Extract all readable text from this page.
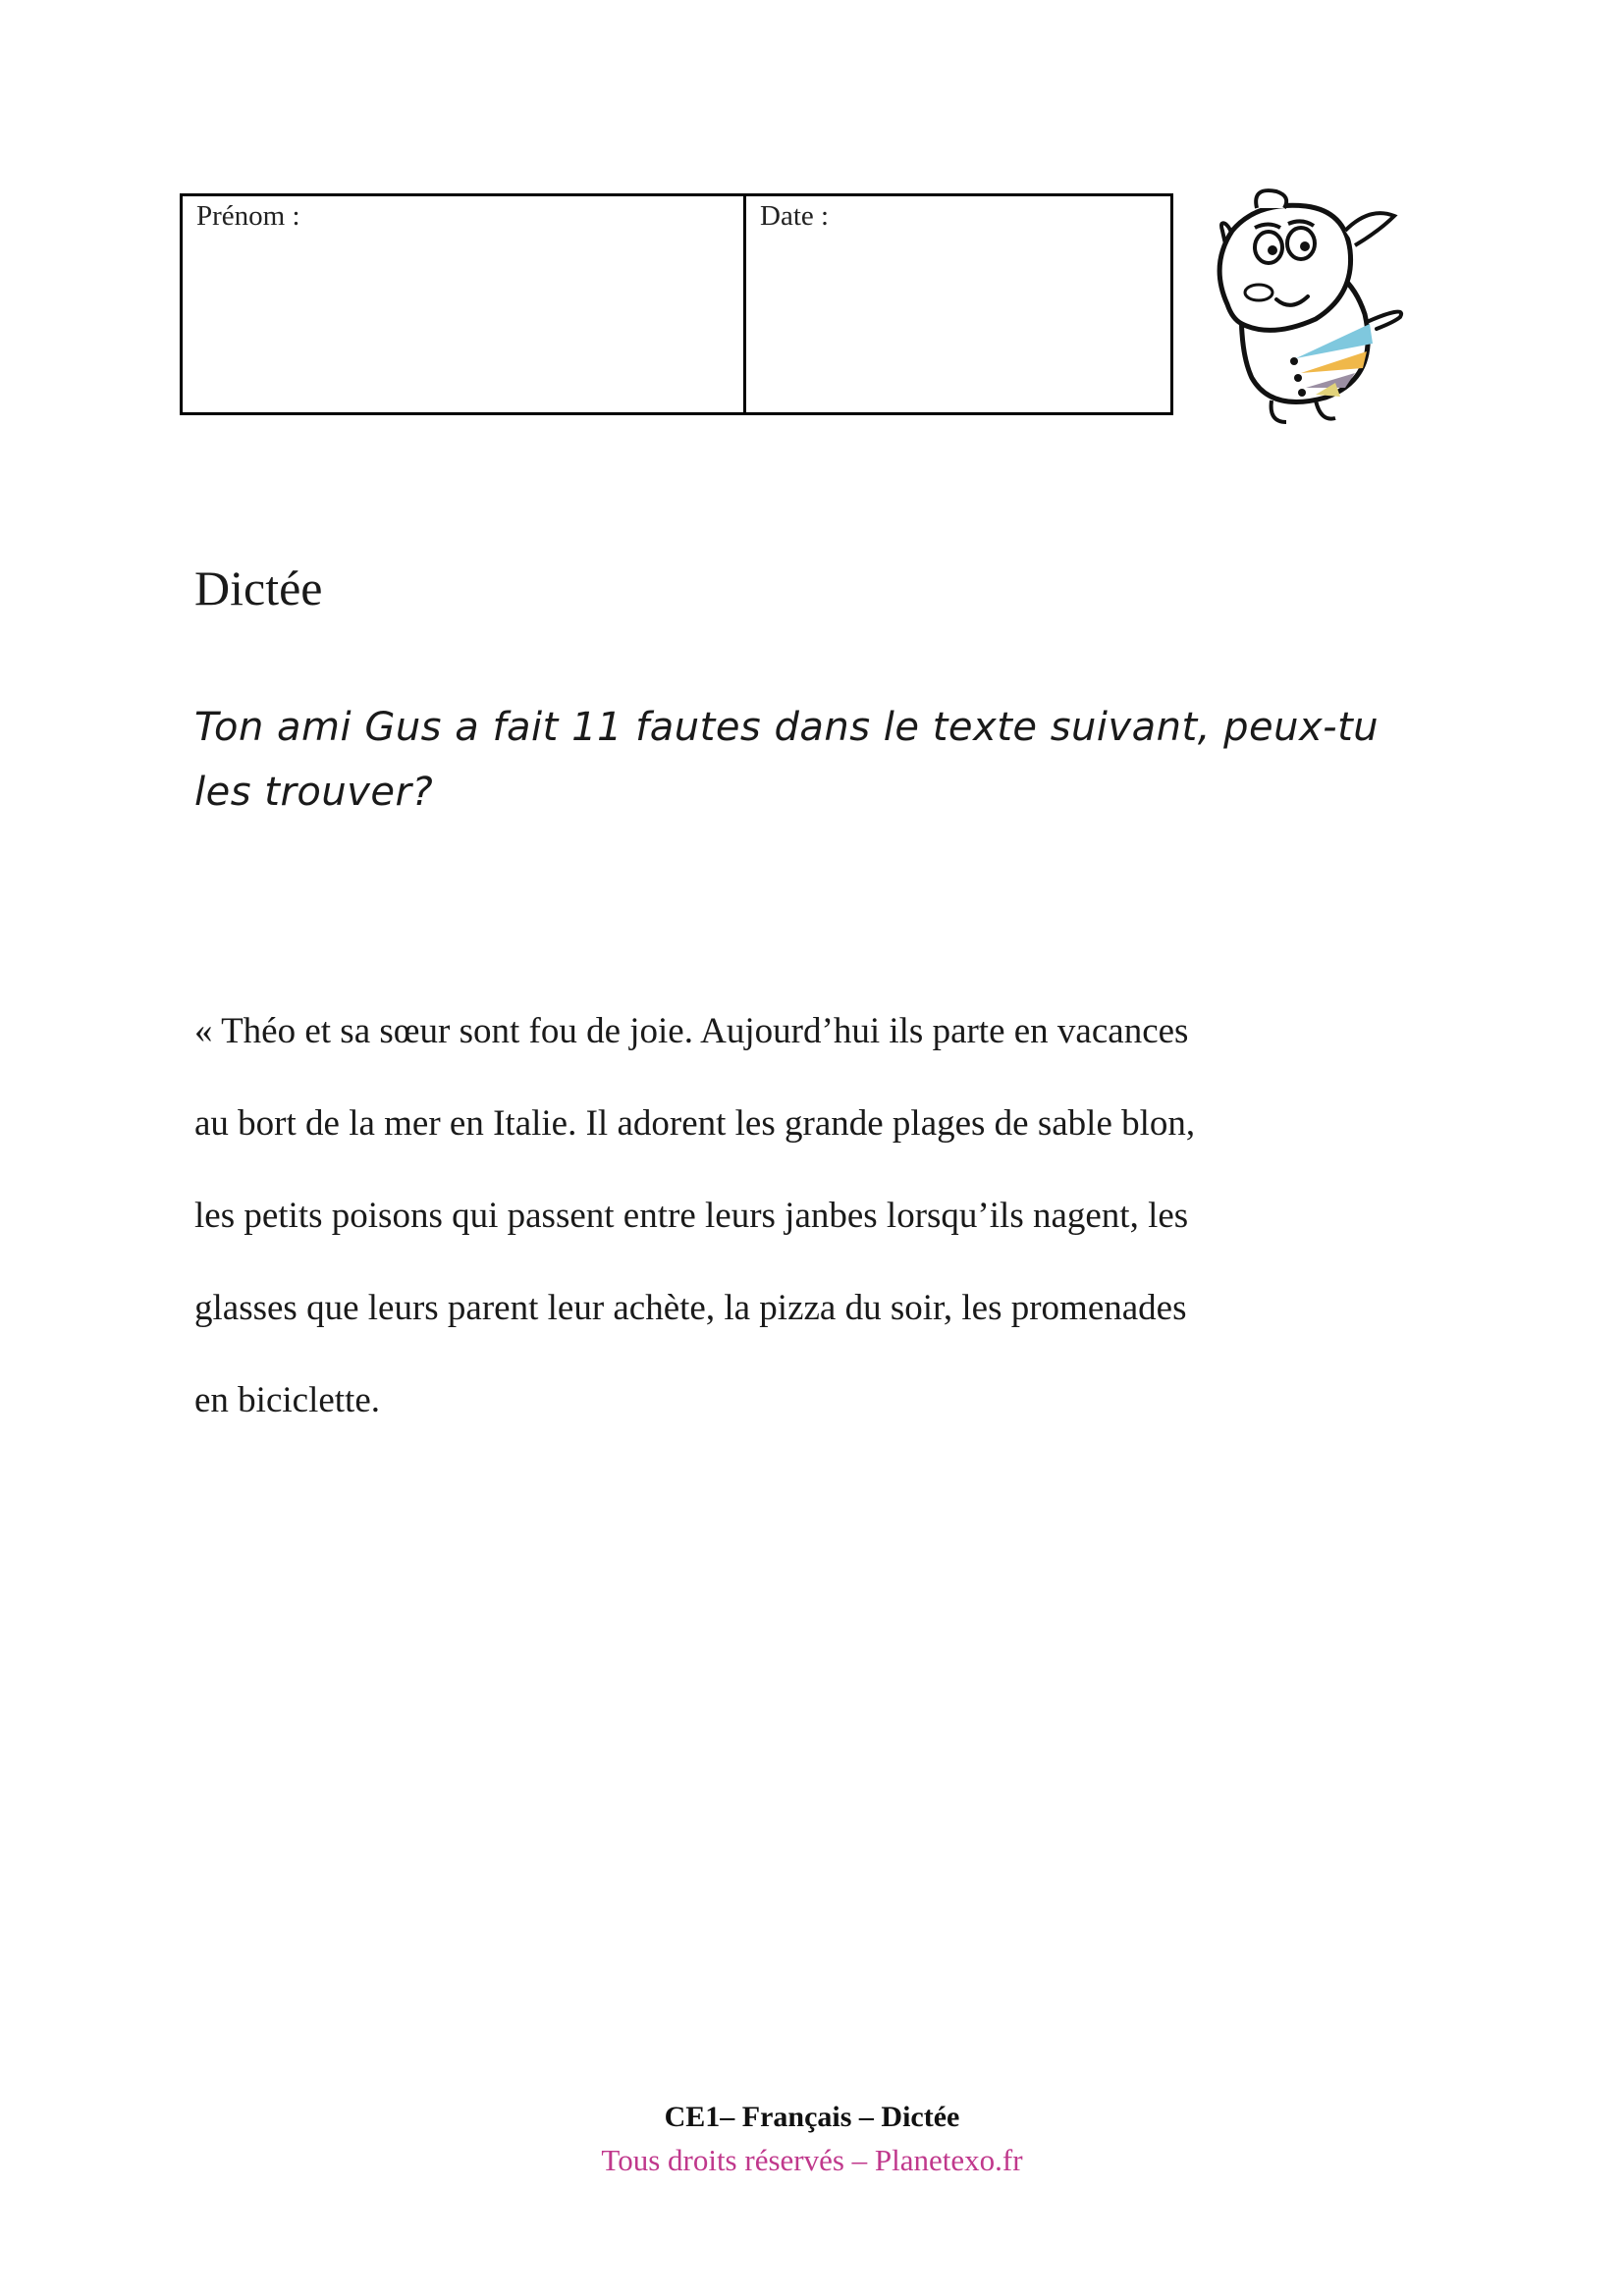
Prénom :	Date :
Dictée

Ton ami Gus a fait 11 fautes dans le texte suivant, peux-tu les trouver?

« Théo et sa sœur sont fou de joie. Aujourd’hui ils parte en vacances
au bort de la mer en Italie. Il adorent les grande plages de sable blon,
les petits poisons qui passent entre leurs janbes lorsqu’ils nagent, les
glasses que leurs parent leur achète, la pizza du soir, les promenades
en biciclette.
CE1– Français – Dictée
Tous droits réservés – Planetexo.fr
